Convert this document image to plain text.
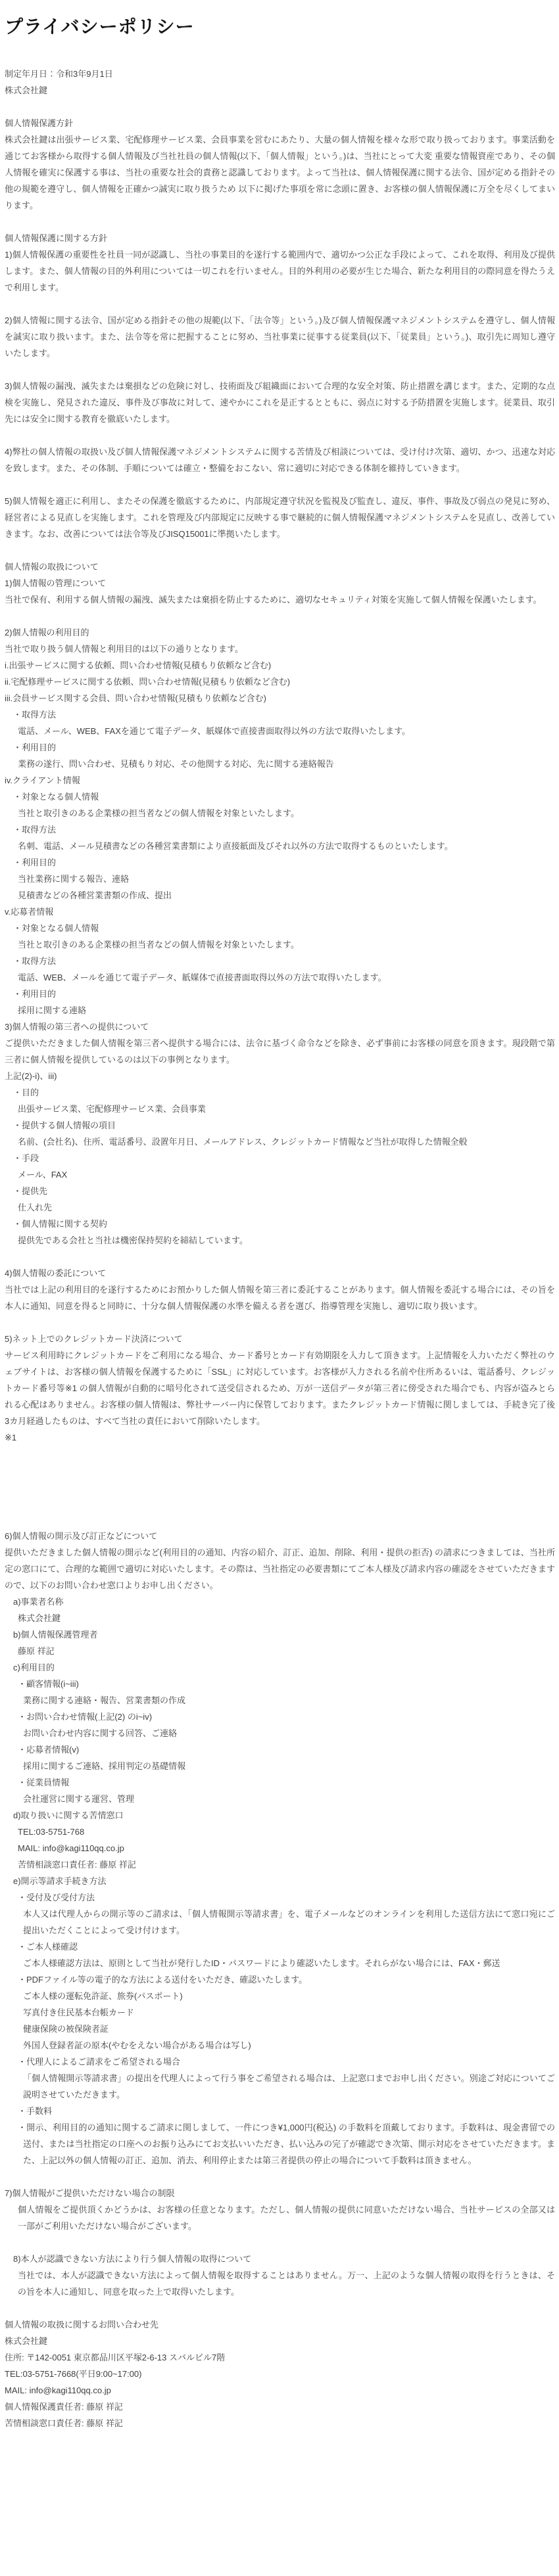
プライバシーポリシー

制定年月日：令和3年9月1日

株式会社鍵

個人情報保護方針

株式会社鍵は出張サービス業、宅配修理サービス業、会員事業を営むにあたり、大量の個人情報を様々な形で取り扱っております。事業活動を通じてお客様から取得する個人情報及び当社社員の個人情報(以下、「個人情報」という。)は、当社にとって大変 重要な情報資産であり、その個人情報を確実に保護する事は、当社の重要な社会的責務と認識しております。よって当社は、個人情報保護に関する法令、国が定める指針その他の規範を遵守し、個人情報を正確かつ誠実に取り扱うため 以下に掲げた事項を常に念頭に置き、お客様の個人情報保護に万全を尽くしてまいります。

個人情報保護に関する方針

1)個人情報保護の重要性を社員一同が認識し、当社の事業目的を遂行する範囲内で、適切かつ公正な手段によって、これを取得、利用及び提供します。また、個人情報の目的外利用については一切これを行いません。目的外利用の必要が生じた場合、新たな利用目的の際同意を得たうえで利用します。

2)個人情報に関する法令、国が定める指針その他の規範(以下、「法令等」という。)及び個人情報保護マネジメントシステムを遵守し、個人情報を誠実に取り扱います。また、法令等を常に把握することに努め、当社事業に従事する従業員(以下、「従業員」という。)、取引先に周知し遵守いたします。

3)個人情報の漏洩、滅失または棄損などの危険に対し、技術面及び組織面において合理的な安全対策、防止措置を講じます。また、定期的な点検を実施し、発見された違反、事件及び事故に対して、速やかにこれを是正するとともに、弱点に対する予防措置を実施します。従業員、取引先には安全に関する教育を徹底いたします。

4)弊社の個人情報の取扱い及び個人情報保護マネジメントシステムに関する苦情及び相談については、受け付け次第、適切、かつ、迅速な対応を致します。また、その体制、手順については確立・整備をおこない、常に適切に対応できる体制を維持していきます。

5)個人情報を適正に利用し、またその保護を徹底するために、内部規定遵守状況を監視及び監査し、違反、事件、事故及び弱点の発見に努め、経営者による見直しを実施します。これを管理及び内部規定に反映する事で継続的に個人情報保護マネジメントシステムを見直し、改善していきます。なお、改善については法令等及びJISQ15001に準拠いたします。

個人情報の取扱について

1)個人情報の管理について

当社で保有、利用する個人情報の漏洩、滅失または棄損を防止するために、適切なセキュリティ対策を実施して個人情報を保護いたします。

2)個人情報の利用目的

当社で取り扱う個人情報と利用目的は以下の通りとなります。

i.出張サービスに関する依頼、問い合わせ情報(見積もり依頼など含む)

ii.宅配修理サービスに関する依頼、問い合わせ情報(見積もり依頼など含む)

iii.会員サービス関する会員、問い合わせ情報(見積もり依頼など含む)

・取得方法

電話、メール、WEB、FAXを通じて電子データ、紙媒体で直接書面取得以外の方法で取得いたします。

・利用目的

業務の遂行、問い合わせ、見積もり対応、その他関する対応、先に関する連絡報告

iv.クライアント情報

・対象となる個人情報

当社と取引きのある企業様の担当者などの個人情報を対象といたします。

・取得方法

名刺、電話、メール見積書などの各種営業書類により直接紙面及びそれ以外の方法で取得するものといたします。

・利用目的

当社業務に関する報告、連絡

見積書などの各種営業書類の作成、提出

v.応募者情報

・対象となる個人情報

当社と取引きのある企業様の担当者などの個人情報を対象といたします。

・取得方法

電話、WEB、メールを通じて電子データ、紙媒体で直接書面取得以外の方法で取得いたします。

・利用目的

採用に関する連絡

3)個人情報の第三者への提供について

ご提供いただきました個人情報を第三者へ提供する場合には、法令に基づく命令などを除き、必ず事前にお客様の同意を頂きます。現段階で第三者に個人情報を提供しているのは以下の事例となります。

上記(2)-i)、iii)

・目的

出張サービス業、宅配修理サービス業、会員事業

・提供する個人情報の項目

名前、(会社名)、住所、電話番号、設置年月日、メールアドレス、クレジットカード情報など当社が取得した情報全般

・手段

メール、FAX

・提供先

仕入れ先

・個人情報に関する契約

提供先である会社と当社は機密保持契約を締結しています。

4)個人情報の委託について

当社では上記の利用目的を遂行するためにお預かりした個人情報を第三者に委託することがあります。個人情報を委託する場合には、その旨を本人に通知、同意を得ると同時に、十分な個人情報保護の水準を備える者を選び、指導管理を実施し、適切に取り扱います。

5)ネット上でのクレジットカード決済について

サービス利用時にクレジットカードをご利用になる場合、カード番号とカード有効期限を入力して頂きます。上記情報を入力いただく弊社のウェブサイトは、お客様の個人情報を保護するために「SSL」に対応しています。お客様が入力される名前や住所あるいは、電話番号、クレジットカード番号等※1 の個人情報が自動的に暗号化されて送受信されるため、万が一送信データが第三者に傍受された場合でも、内容が盗みとられる心配はありません。お客様の個人情報は、弊社サーバー内に保管しております。またクレジットカード情報に関しましては、手続き完了後3カ月経過したものは、すべて当社の責任において削除いたします。

※1

6)個人情報の開示及び訂正などについて

提供いただきました個人情報の開示など(利用目的の通知、内容の紹介、訂正、追加、削除、利用・提供の拒否) の請求につきましては、当社所定の窓口にて、合理的な範囲で適切に対応いたします。その際は、当社指定の必要書類にてご本人様及び請求内容の確認をさせていただきますので、以下のお問い合わせ窓口よりお申し出ください。

a)事業者名称

株式会社鍵

b)個人情報保護管理者

藤原 祥記

c)利用目的

・顧客情報(i~iii)

業務に関する連絡・報告、営業書類の作成

・お問い合わせ情報(上記(2) のi~iv)

お問い合わせ内容に関する回答、ご連絡

・応募者情報(v)

採用に関するご連絡、採用判定の基礎情報

・従業員情報

会社運営に関する運営、管理

d)取り扱いに関する苦情窓口

TEL:03-5751-768

MAIL: info@kagi110qq.co.jp

苦情相談窓口責任者: 藤原 祥記

e)開示等請求手続き方法

・受付及び受付方法

本人又は代理人からの開示等のご請求は、「個人情報開示等請求書」を、電子メールなどのオンラインを利用した送信方法にて窓口宛にご提出いただくことによって受け付けます。

・ご本人様確認

ご本人様確認方法は、原則として当社が発行したID・パスワードにより確認いたします。それらがない場合には、FAX・郵送

・PDFファイル等の電子的な方法による送付をいただき、確認いたします。

ご本人様の運転免許証、旅券(パスポート)

写真付き住民基本台帳カード

健康保険の被保険者証

外国人登録者証の原本(やむをえない場合がある場合は写し)

・代理人によるご請求をご希望される場合

「個人情報開示等請求書」の提出を代理人によって行う事をご希望される場合は、上記窓口までお申し出ください。別途ご対応についてご説明させていただきます。

・手数料

・開示、利用目的の通知に関するご請求に関しまして、一件につき¥1,000円(税込) の手数料を頂戴しております。手数料は、現金書留での送付、または当社指定の口座へのお振り込みにてお支払いいただき、払い込みの完了が確認でき次第、開示対応をさせていただきます。また、上記以外の個人情報の訂正、追加、消去、利用停止または第三者提供の停止の場合について手数料は頂きません。

7)個人情報がご提供いただけない場合の制限

個人情報をご提供頂くかどうかは、お客様の任意となります。ただし、個人情報の提供に同意いただけない場合、当社サービスの全部又は一部がご利用いただけない場合がございます。

8)本人が認識できない方法により行う個人情報の取得について

当社では、本人が認識できない方法によって個人情報を取得することはありません。万一、上記のような個人情報の取得を行うときは、その旨を本人に通知し、同意を取った上で取得いたします。

個人情報の取扱に関するお問い合わせ先

株式会社鍵

住所: 〒142-0051 東京都品川区平塚2-6-13 スバルビル7階

TEL:03-5751-7668(平日9:00~17:00)

MAIL: info@kagi110qq.co.jp

個人情報保護責任者: 藤原 祥記

苦情相談窓口責任者: 藤原 祥記
